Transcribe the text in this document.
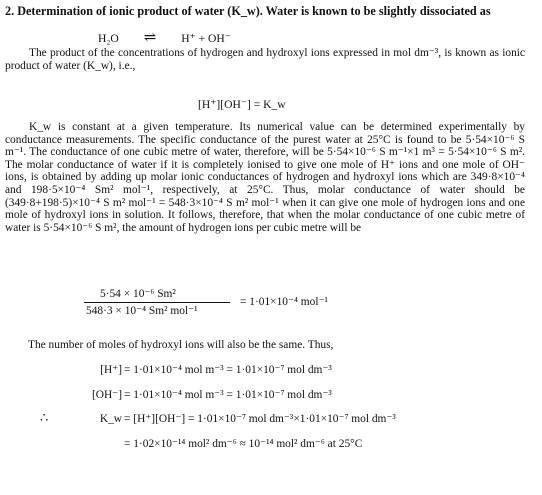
2. Determination of ionic product of water (K_w). Water is known to be slightly dissociated as
H₂O ⇌ H⁺ + OH⁻
The product of the concentrations of hydrogen and hydroxyl ions expressed in mol dm⁻³, is known as ionic product of water (K_w), i.e.,
[H⁺][OH⁻] = K_w
K_w is constant at a given temperature. Its numerical value can be determined experimentally by conductance measurements. The specific conductance of the purest water at 25°C is found to be 5·54×10⁻⁶ S m⁻¹. The conductance of one cubic metre of water, therefore, will be 5·54×10⁻⁶ S m⁻¹×1 m³ = 5·54×10⁻⁶ S m². The molar conductance of water if it is completely ionised to give one mole of H⁺ ions and one mole of OH⁻ ions, is obtained by adding up molar ionic conductances of hydrogen and hydroxyl ions which are 349·8×10⁻⁴ and 198·5×10⁻⁴ Sm² mol⁻¹, respectively, at 25°C. Thus, molar conductance of water should be (349·8+198·5)×10⁻⁴ S m² mol⁻¹ = 548·3×10⁻⁴ S m² mol⁻¹ when it can give one mole of hydrogen ions and one mole of hydroxyl ions in solution. It follows, therefore, that when the molar conductance of one cubic metre of water is 5·54×10⁻⁶ S m², the amount of hydrogen ions per cubic metre will be
5·54 × 10⁻⁶ Sm²
548·3 × 10⁻⁴ Sm² mol⁻¹
= 1·01×10⁻⁴ mol⁻¹
The number of moles of hydroxyl ions will also be the same. Thus,
[H⁺] = 1·01×10⁻⁴ mol m⁻³ = 1·01×10⁻⁷ mol dm⁻³
[OH⁻] = 1·01×10⁻⁴ mol m⁻³ = 1·01×10⁻⁷ mol dm⁻³
∴	K_w = [H⁺][OH⁻] = 1·01×10⁻⁷ mol dm⁻³×1·01×10⁻⁷ mol dm⁻³
= 1·02×10⁻¹⁴ mol² dm⁻⁶ ≈ 10⁻¹⁴ mol² dm⁻⁶ at 25°C
